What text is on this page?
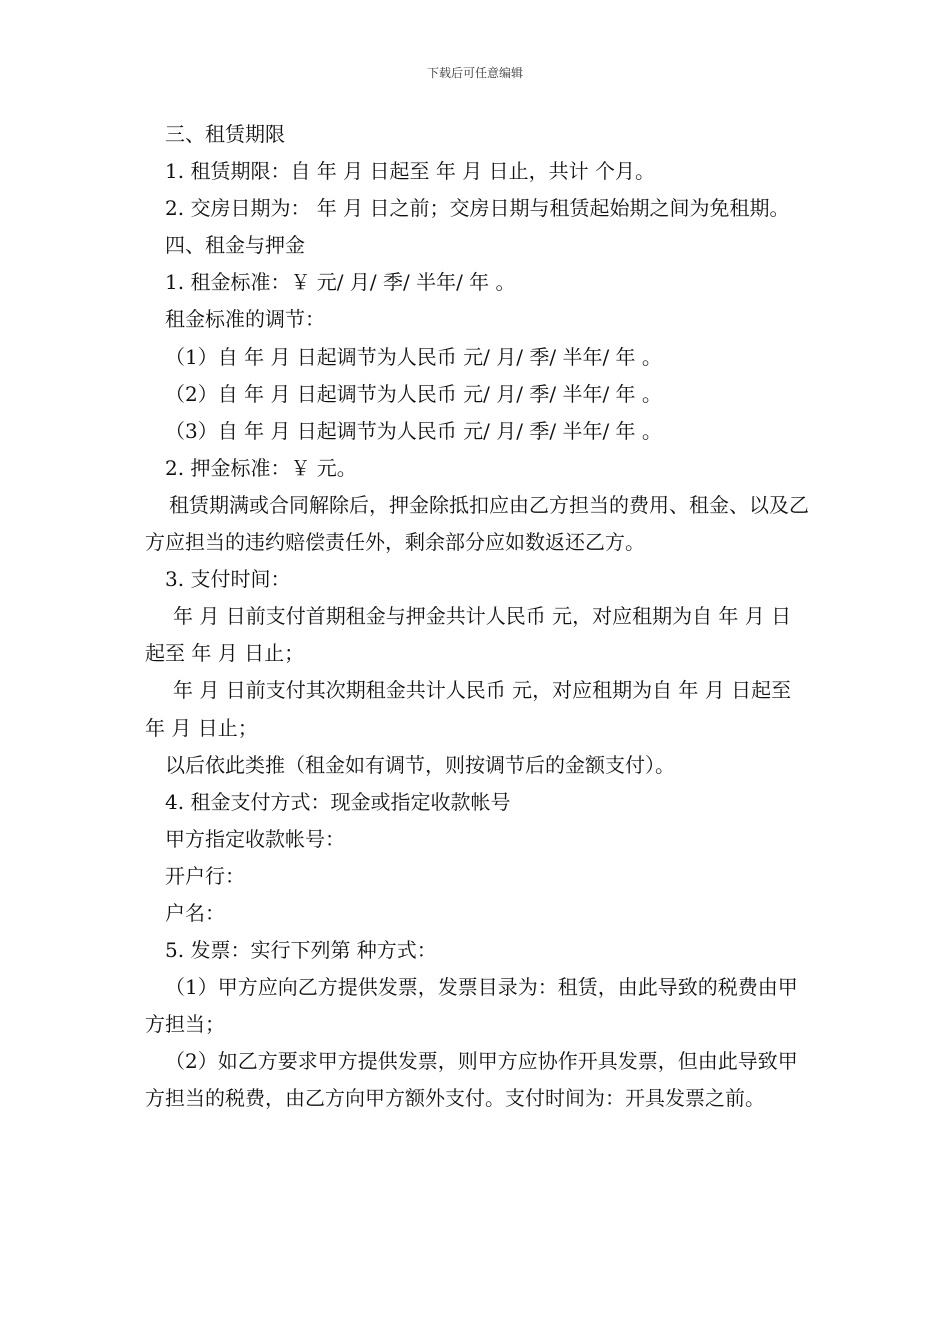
下载后可任意编辑

三、租赁期限

1. 租赁期限：自 年 月 日起至 年 月 日止，共计 个月。

2. 交房日期为： 年 月 日之前；交房日期与租赁起始期之间为免租期。

四、租金与押金

1. 租金标准：￥ 元/ 月/ 季/ 半年/ 年 。

租金标准的调节：

（1）自 年 月 日起调节为人民币 元/ 月/ 季/ 半年/ 年 。

（2）自 年 月 日起调节为人民币 元/ 月/ 季/ 半年/ 年 。

（3）自 年 月 日起调节为人民币 元/ 月/ 季/ 半年/ 年 。

2. 押金标准：￥ 元。

租赁期满或合同解除后，押金除抵扣应由乙方担当的费用、租金、以及乙方应担当的违约赔偿责任外，剩余部分应如数返还乙方。

3. 支付时间：

年 月 日前支付首期租金与押金共计人民币 元，对应租期为自 年 月 日起至 年 月 日止；

年 月 日前支付其次期租金共计人民币 元，对应租期为自 年 月 日起至 年 月 日止；

以后依此类推（租金如有调节，则按调节后的金额支付）。

4. 租金支付方式：现金或指定收款帐号

甲方指定收款帐号：

开户行：

户名：

5. 发票：实行下列第 种方式：

（1）甲方应向乙方提供发票，发票目录为：租赁，由此导致的税费由甲方担当；

（2）如乙方要求甲方提供发票，则甲方应协作开具发票，但由此导致甲方担当的税费，由乙方向甲方额外支付。支付时间为：开具发票之前。
